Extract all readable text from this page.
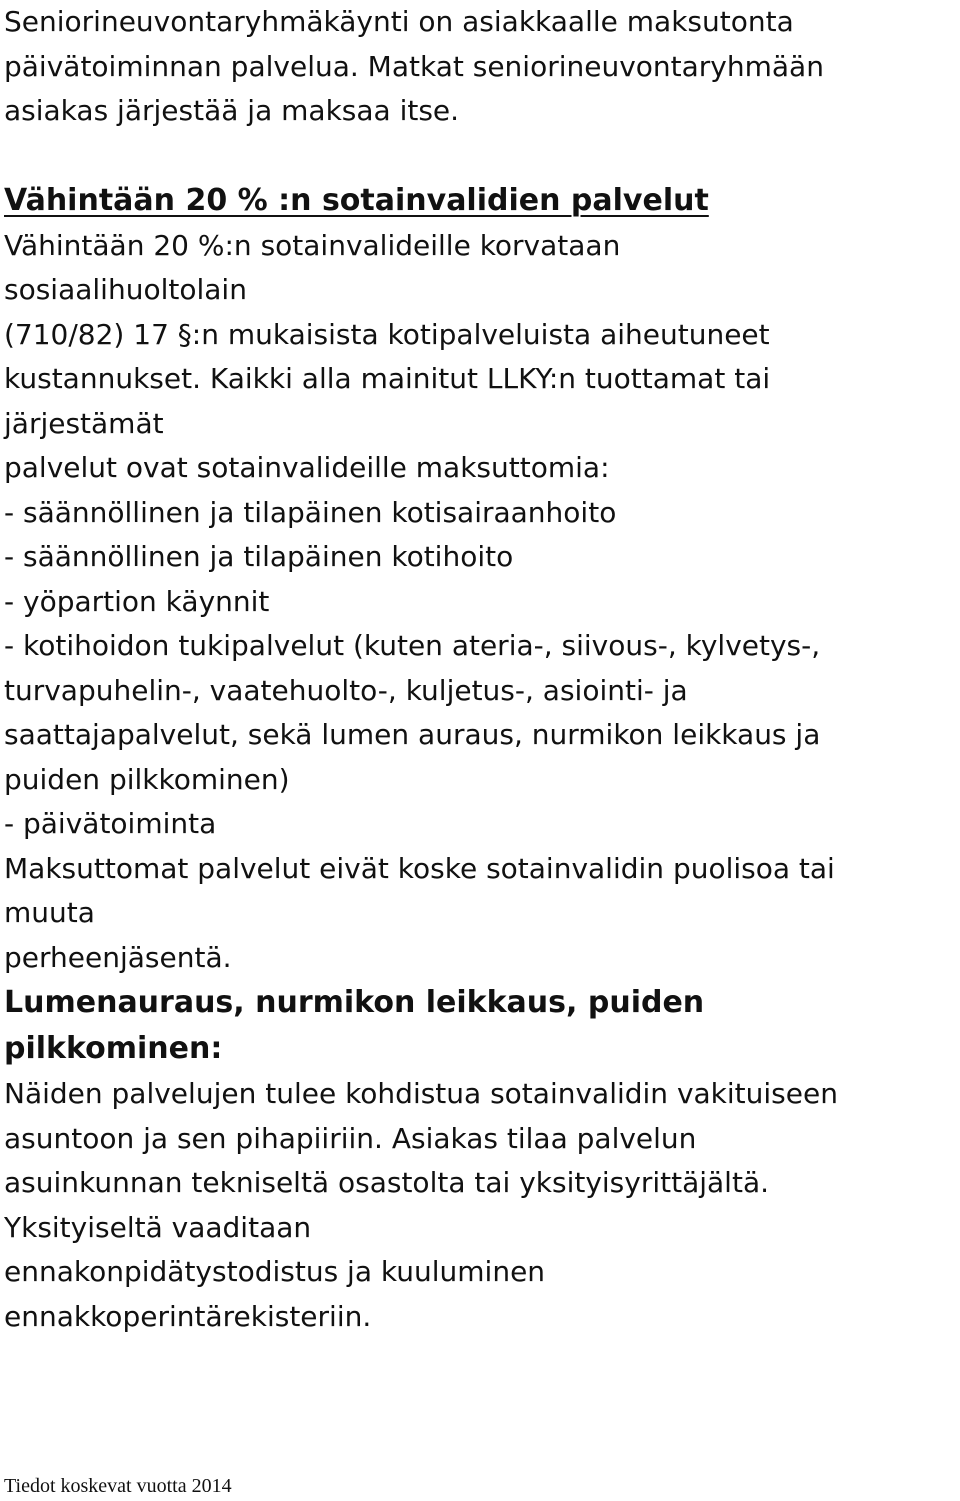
Seniorineuvontaryhmäkäynti on asiakkaalle maksutonta

päivätoiminnan palvelua. Matkat seniorineuvontaryhmään

asiakas järjestää ja maksaa itse.

Vähintään 20 % :n sotainvalidien palvelut

Vähintään 20 %:n sotainvalideille korvataan

sosiaalihuoltolain

(710/82) 17 §:n mukaisista kotipalveluista aiheutuneet

kustannukset. Kaikki alla mainitut LLKY:n tuottamat tai

järjestämät

palvelut ovat sotainvalideille maksuttomia:

- säännöllinen ja tilapäinen kotisairaanhoito

- säännöllinen ja tilapäinen kotihoito

- yöpartion käynnit

- kotihoidon tukipalvelut (kuten ateria-, siivous-, kylvetys-,

turvapuhelin-, vaatehuolto-, kuljetus-, asiointi- ja

saattajapalvelut, sekä lumen auraus, nurmikon leikkaus ja

puiden pilkkominen)

- päivätoiminta

Maksuttomat palvelut eivät koske sotainvalidin puolisoa tai

muuta

perheenjäsentä.

Lumenauraus, nurmikon leikkaus, puiden
pilkkominen:

Näiden palvelujen tulee kohdistua sotainvalidin vakituiseen

asuntoon ja sen pihapiiriin. Asiakas tilaa palvelun

asuinkunnan tekniseltä osastolta tai yksityisyrittäjältä.

Yksityiseltä vaaditaan

ennakonpidätystodistus ja kuuluminen

ennakkoperintärekisteriin.

Tiedot koskevat vuotta 2014
